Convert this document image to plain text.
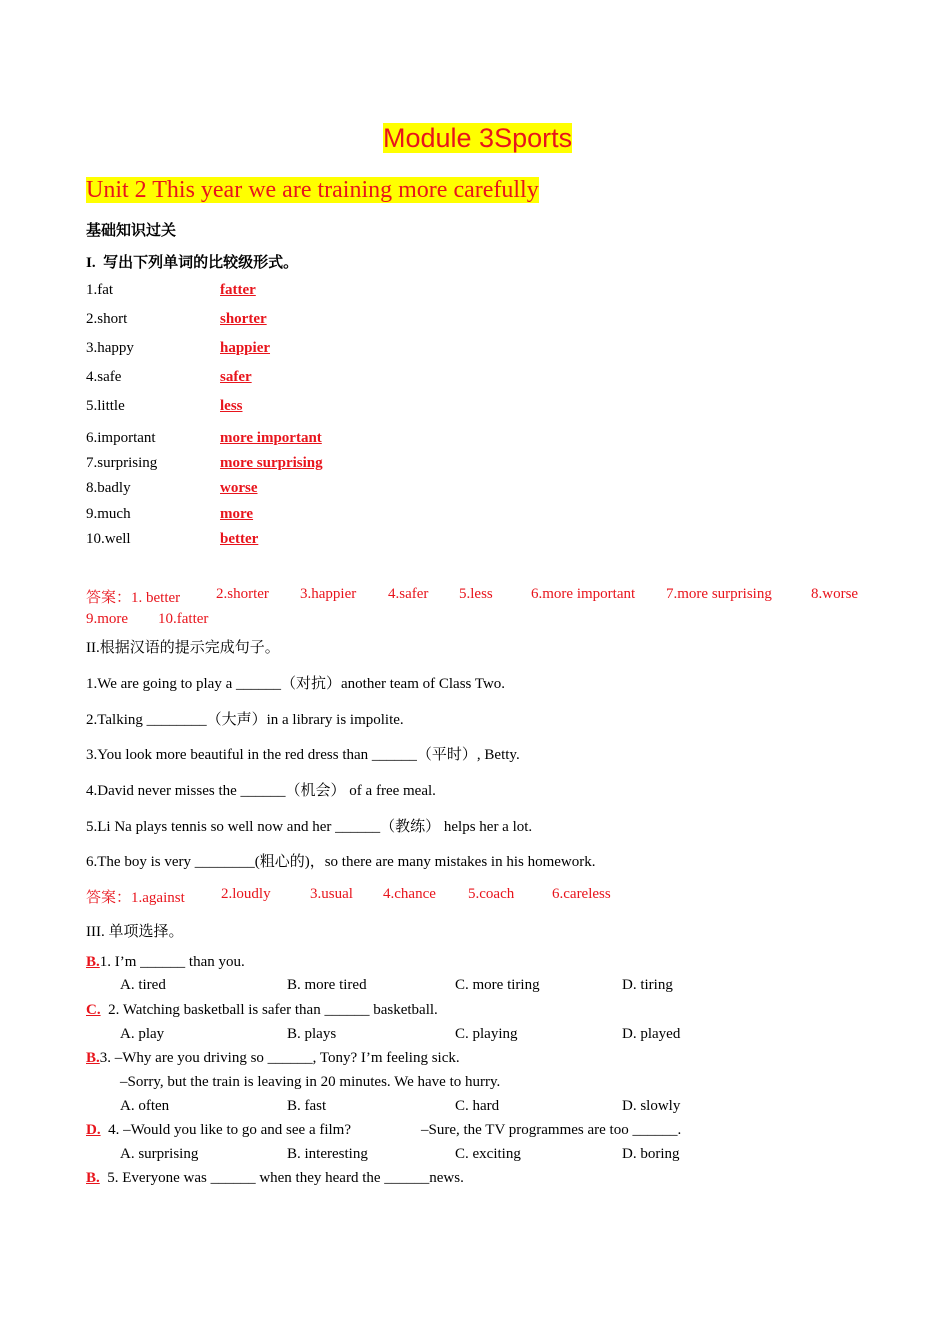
Module 3Sports
Unit 2 This year we are training more carefully
基础知识过关
I. 写出下列单词的比较级形式。
1.fat	fatter
2.short	shorter
3.happy	happier
4.safe	safer
5.little	less
6.important	more important
7.surprising	more surprising
8.badly	worse
9.much	more
10.well	better
答案：1. better 2.shorter 3.happier 4.safer 5.less	6.more important 7.more surprising	8.worse
9.more 10.fatter
II.根据汉语的提示完成句子。
1.We are going to play a ______（对抗）another team of Class Two.
2.Talking ________（大声）in a library is impolite.
3.You look more beautiful in the red dress than ______（平时）, Betty.
4.David never misses the ______（机会） of a free meal.
5.Li Na plays tennis so well now and her ______（教练） helps her a lot.
6.The boy is very ________(粗心的)，so there are many mistakes in his homework.
答案：1.against 2.loudly	3.usual 4.chance 5.coach	6.careless
III. 单项选择。
B.1. I’m ______ than you.
A. tired	B. more tired	C. more tiring	D. tiring
C. 2. Watching basketball is safer than ______ basketball.
A. play	B. plays	C. playing	D. played
B.3. –Why are you driving so ______, Tony? I’m feeling sick.
–Sorry, but the train is leaving in 20 minutes. We have to hurry.
A. often	B. fast	C. hard	D. slowly
D. 4. –Would you like to go and see a film?	–Sure, the TV programmes are too ______.
A. surprising	B. interesting	C. exciting	D. boring
B. 5. Everyone was ______ when they heard the ______news.
